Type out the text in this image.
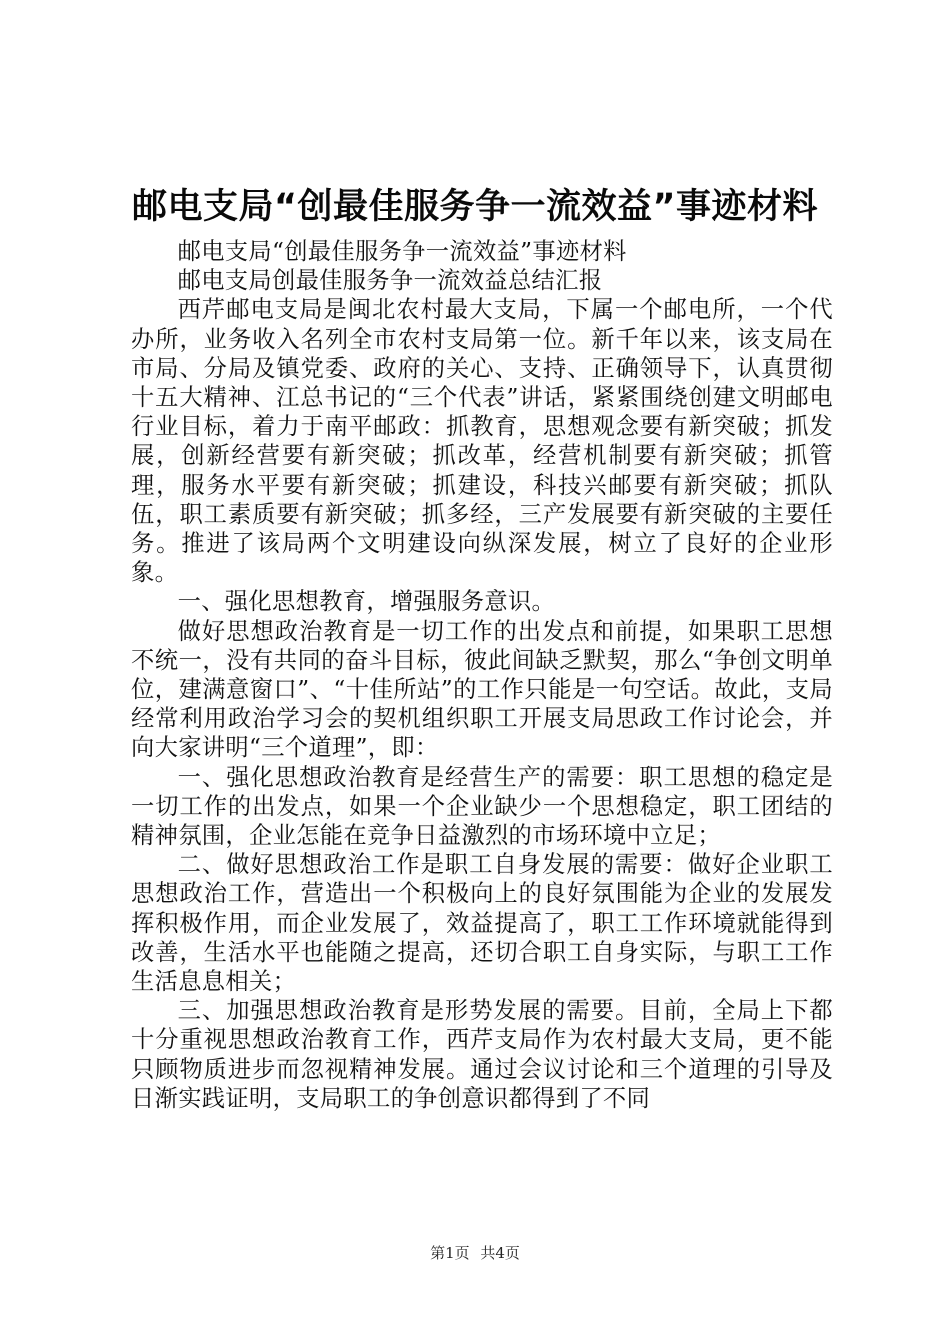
邮电支局“创最佳服务争一流效益”事迹材料

邮电支局“创最佳服务争一流效益”事迹材料

邮电支局创最佳服务争一流效益总结汇报

西芹邮电支局是闽北农村最大支局，下属一个邮电所，一个代办所，业务收入名列全市农村支局第一位。新千年以来，该支局在市局、分局及镇党委、政府的关心、支持、正确领导下，认真贯彻十五大精神、江总书记的“三个代表”讲话，紧紧围绕创建文明邮电行业目标，着力于南平邮政：抓教育，思想观念要有新突破；抓发展，创新经营要有新突破；抓改革，经营机制要有新突破；抓管理，服务水平要有新突破；抓建设，科技兴邮要有新突破；抓队伍，职工素质要有新突破；抓多经，三产发展要有新突破的主要任务。推进了该局两个文明建设向纵深发展，树立了良好的企业形象。

一、强化思想教育，增强服务意识。

做好思想政治教育是一切工作的出发点和前提，如果职工思想不统一，没有共同的奋斗目标，彼此间缺乏默契，那么“争创文明单位，建满意窗口”、“十佳所站”的工作只能是一句空话。故此，支局经常利用政治学习会的契机组织职工开展支局思政工作讨论会，并向大家讲明“三个道理”，即：

一、强化思想政治教育是经营生产的需要：职工思想的稳定是一切工作的出发点，如果一个企业缺少一个思想稳定，职工团结的精神氛围，企业怎能在竞争日益激烈的市场环境中立足；

二、做好思想政治工作是职工自身发展的需要：做好企业职工思想政治工作，营造出一个积极向上的良好氛围能为企业的发展发挥积极作用，而企业发展了，效益提高了，职工工作环境就能得到改善，生活水平也能随之提高，还切合职工自身实际，与职工工作生活息息相关；

三、加强思想政治教育是形势发展的需要。目前，全局上下都十分重视思想政治教育工作，西芹支局作为农村最大支局，更不能只顾物质进步而忽视精神发展。通过会议讨论和三个道理的引导及日渐实践证明，支局职工的争创意识都得到了不同

第1页 共4页
